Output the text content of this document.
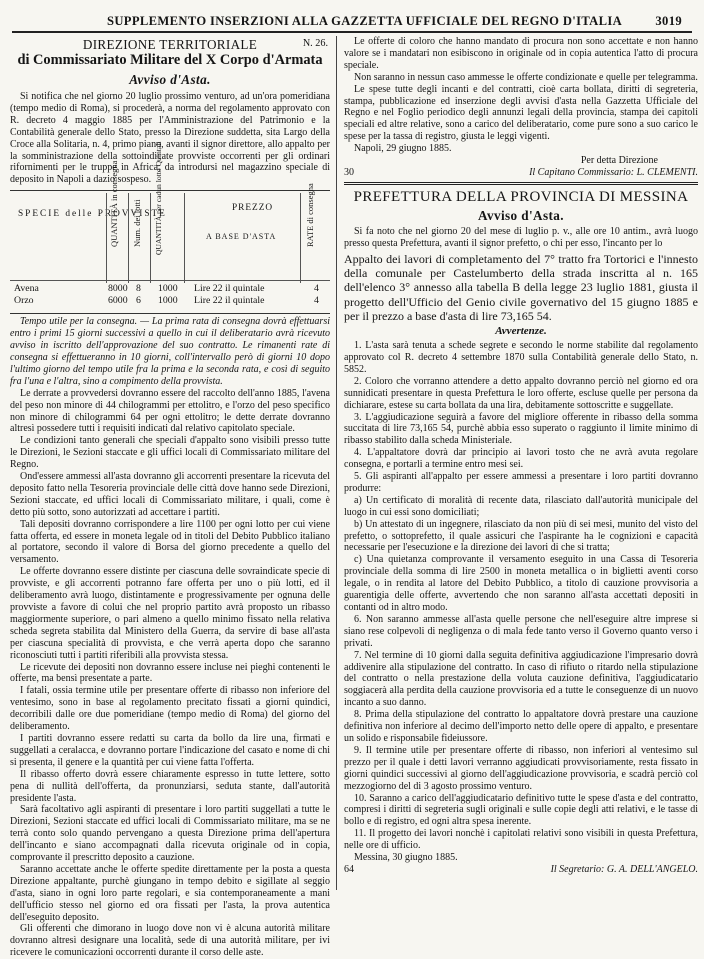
SUPPLEMENTO INSERZIONI ALLA GAZZETTA UFFICIALE DEL REGNO D'ITALIA	3019
N. 26.
DIREZIONE TERRITORIALE
di Commissariato Militare del X Corpo d'Armata
Avviso d'Asta.

Si notifica che nel giorno 20 luglio prossimo venturo, ad un'ora pomeridiana (tempo medio di Roma), si procederà, a norma del regolamento approvato con R. decreto 4 maggio 1885 per l'Amministrazione del Patrimonio e la Contabilità generale dello Stato, presso la Direzione suddetta, sita Largo della Croce alla Solitaria, n. 4, primo piano, avanti il signor direttore, allo appalto per la somministrazione della sottoindicate provviste occorrenti per gli ordinari rifornimenti per le truppe in Africa, da introdursi nel magazzino speciale di deposito in Napoli a dazio sospeso.

SPECIE delle PROVVISTE
QUANTITÀ in consegna Num. dei lotti QUANTITÀ per cadun lotto Quintali	PREZZO
A BASE D'ASTA	RATE di consegna
Avena	8000 8 1000 Lire 22 il quintale	4
Orzo	6000 6 1000 Lire 22 il quintale	4

Tempo utile per la consegna. — La prima rata di consegna dovrà effettuarsi entro i primi 15 giorni successivi a quello in cui il deliberatario avrà ricevuto avviso in iscritto dell'approvazione del suo contratto. Le rimanenti rate di consegna si effettueranno in 10 giorni, coll'intervallo però di giorni 10 dopo l'ultimo giorno del tempo utile fra la prima e la seconda rata, e così di seguito fra l'una e l'altra, sino a compimento della provvista.

Le derrate a provvedersi dovranno essere del raccolto dell'anno 1885, l'avena del peso non minore di 44 chilogrammi per ettolitro, e l'orzo del peso specifico non minore di chilogrammi 64 per ogni ettolitro; le dette derrate dovranno altresì possedere tutti i requisiti indicati dal relativo capitolato speciale.

Le condizioni tanto generali che speciali d'appalto sono visibili presso tutte le Direzioni, le Sezioni staccate e gli uffici locali di Commissariato militare del Regno.

Ond'essere ammessi all'asta dovranno gli accorrenti presentare la ricevuta del deposito fatto nella Tesoreria provinciale delle città dove hanno sede Direzioni, Sezioni staccate, ed uffici locali di Commissariato militare, i quali, come è detto più sotto, sono autorizzati ad accettare i partiti.

Tali depositi dovranno corrispondere a lire 1100 per ogni lotto per cui viene fatta offerta, ed essere in moneta legale od in titoli del Debito Pubblico italiano al portatore, secondo il valore di Borsa del giorno precedente a quello del versamento.

Le offerte dovranno essere distinte per ciascuna delle sovraindicate specie di provviste, e gli accorrenti potranno fare offerta per uno o più lotti, ed il deliberamento avrà luogo, distintamente e progressivamente per ognuna delle provviste a favore di colui che nel proprio partito avrà proposto un ribasso maggiormente superiore, o pari almeno a quello minimo fissato nella relativa scheda segreta stabilita dal Ministero della Guerra, da servire di base all'asta per ciascuna specialità di provvista, e che verrà aperta dopo che saranno riconosciuti tutti i partiti riferibili alla provvista stessa.

Le ricevute dei depositi non dovranno essere incluse nei pieghi contenenti le offerte, ma bensì presentate a parte.

I fatali, ossia termine utile per presentare offerte di ribasso non inferiore del ventesimo, sono in base al regolamento precitato fissati a giorni quindici, decorribili dalle ore due pomeridiane (tempo medio di Roma) del giorno del deliberamento.

I partiti dovranno essere redatti su carta da bollo da lire una, firmati e suggellati a ceralacca, e dovranno portare l'indicazione del casato e nome di chi si presenta, il genere e la quantità per cui viene fatta l'offerta.

Il ribasso offerto dovrà essere chiaramente espresso in tutte lettere, sotto pena di nullità dell'offerta, da pronunziarsi, seduta stante, dall'autorità presidente l'asta.

Sarà facoltativo agli aspiranti di presentare i loro partiti suggellati a tutte le Direzioni, Sezioni staccate ed uffici locali di Commissariato militare, ma se ne terrà conto solo quando pervengano a questa Direzione prima dell'apertura dell'incanto e siano accompagnati dalla ricevuta originale od in copia, comprovante il prescritto deposito a cauzione.

Saranno accettate anche le offerte spedite direttamente per la posta a questa Direzione appaltante, purchè giungano in tempo debito e sigillate al seggio d'asta, siano in ogni loro parte regolari, e sia contemporaneamente a mani dell'ufficio stesso nel giorno ed ora fissati per l'asta, la prova autentica dell'eseguito deposito.

Gli offerenti che dimorano in luogo dove non vi è alcuna autorità militare dovranno altresì designare una località, sede di una autorità militare, per ivi ricevere le comunicazioni occorrenti durante il corso delle aste.

Le offerte di coloro che hanno mandato di procura non sono accettate e non hanno valore se i mandatari non esibiscono in originale od in copia autentica l'atto di procura speciale.

Non saranno in nessun caso ammesse le offerte condizionate e quelle per telegramma.

Le spese tutte degli incanti e del contratti, cioè carta bollata, diritti di segreteria, stampa, pubblicazione ed inserzione degli avvisi d'asta nella Gazzetta Ufficiale del Regno e nel Foglio periodico degli annunzi legali della provincia, stampa dei capitoli speciali ed altre relative, sono a carico del deliberatario, come pure sono a suo carico le spese per la tassa di registro, giusta le leggi vigenti.

Napoli, 29 giugno 1885.

Per detta Direzione
30	Il Capitano Commissario: L. CLEMENTI.
PREFETTURA DELLA PROVINCIA DI MESSINA
Avviso d'Asta.

Si fa noto che nel giorno 20 del mese di luglio p. v., alle ore 10 antim., avrà luogo presso questa Prefettura, avanti il signor prefetto, o chi per esso, l'incanto per lo

Appalto dei lavori di completamento del 7° tratto fra Tortorici e l'innesto della comunale per Castelumberto della strada inscritta al n. 165 dell'elenco 3° annesso alla tabella B della legge 23 luglio 1881, giusta il progetto dell'Ufficio del Genio civile governativo del 15 giugno 1885 e per il prezzo a base d'asta di lire 73,165 54.

Avvertenze.

1. L'asta sarà tenuta a schede segrete e secondo le norme stabilite dal regolamento approvato col R. decreto 4 settembre 1870 sulla Contabilità generale dello Stato, n. 5852.

2. Coloro che vorranno attendere a detto appalto dovranno perciò nel giorno ed ora sunnidicati presentare in questa Prefettura le loro offerte, escluse quelle per persona da dichiarare, estese su carta bollata da una lira, debitamente sottoscritte e suggellate.

3. L'aggiudicazione seguirà a favore del migliore offerente in ribasso della somma succitata di lire 73,165 54, purchè abbia esso superato o raggiunto il limite minimo di ribasso stabilito dalla scheda Ministeriale.

4. L'appaltatore dovrà dar principio ai lavori tosto che ne avrà avuta regolare consegna, e portarli a termine entro mesi sei.

5. Gli aspiranti all'appalto per essere ammessi a presentare i loro partiti dovranno produrre:

a) Un certificato di moralità di recente data, rilasciato dall'autorità municipale del luogo in cui essi sono domiciliati;

b) Un attestato di un ingegnere, rilasciato da non più di sei mesi, munito del visto del prefetto, o sottoprefetto, il quale assicuri che l'aspirante ha le cognizioni e capacità necessarie per l'esecuzione e la direzione dei lavori di che si tratta;

c) Una quietanza comprovante il versamento eseguito in una Cassa di Tesoreria provinciale della somma di lire 2500 in moneta metallica o in biglietti aventi corso legale, o in rendita al latore del Debito Pubblico, a titolo di cauzione provvisoria a guarentigia delle offerte, avvertendo che non saranno all'asta accettati depositi in contanti od in altro modo.

6. Non saranno ammesse all'asta quelle persone che nell'eseguire altre imprese si siano rese colpevoli di negligenza o di mala fede tanto verso il Governo quanto verso i privati.

7. Nel termine di 10 giorni dalla seguita definitiva aggiudicazione l'impresario dovrà addivenire alla stipulazione del contratto. In caso di rifiuto o ritardo nella stipulazione del contratto o nella prestazione della voluta cauzione definitiva, l'aggiudicatario soggiacerà alla perdita della cauzione provvisoria ed a tutte le conseguenze di un nuovo incanto a suo danno.

8. Prima della stipulazione del contratto lo appaltatore dovrà prestare una cauzione definitiva non inferiore al decimo dell'importo netto delle opere di appalto, e presentare un solido e risponsabile fideiussore.

9. Il termine utile per presentare offerte di ribasso, non inferiori al ventesimo sul prezzo per il quale i detti lavori verranno aggiudicati provvisoriamente, resta fissato in giorni quindici successivi al giorno dell'aggiudicazione provvisoria, e scadrà perciò col mezzogiorno del di 3 agosto prossimo venturo.

10. Saranno a carico dell'aggiudicatario definitivo tutte le spese d'asta e del contratto, compresi i diritti di segreteria sugli originali e sulle copie degli atti relativi, e le tasse di bollo e di registro, ed ogni altra spesa inerente.

11. Il progetto dei lavori nonchè i capitolati relativi sono visibili in questa Prefettura, nelle ore di ufficio.

Messina, 30 giugno 1885.

64	Il Segretario: G. A. DELL'ANGELO.
